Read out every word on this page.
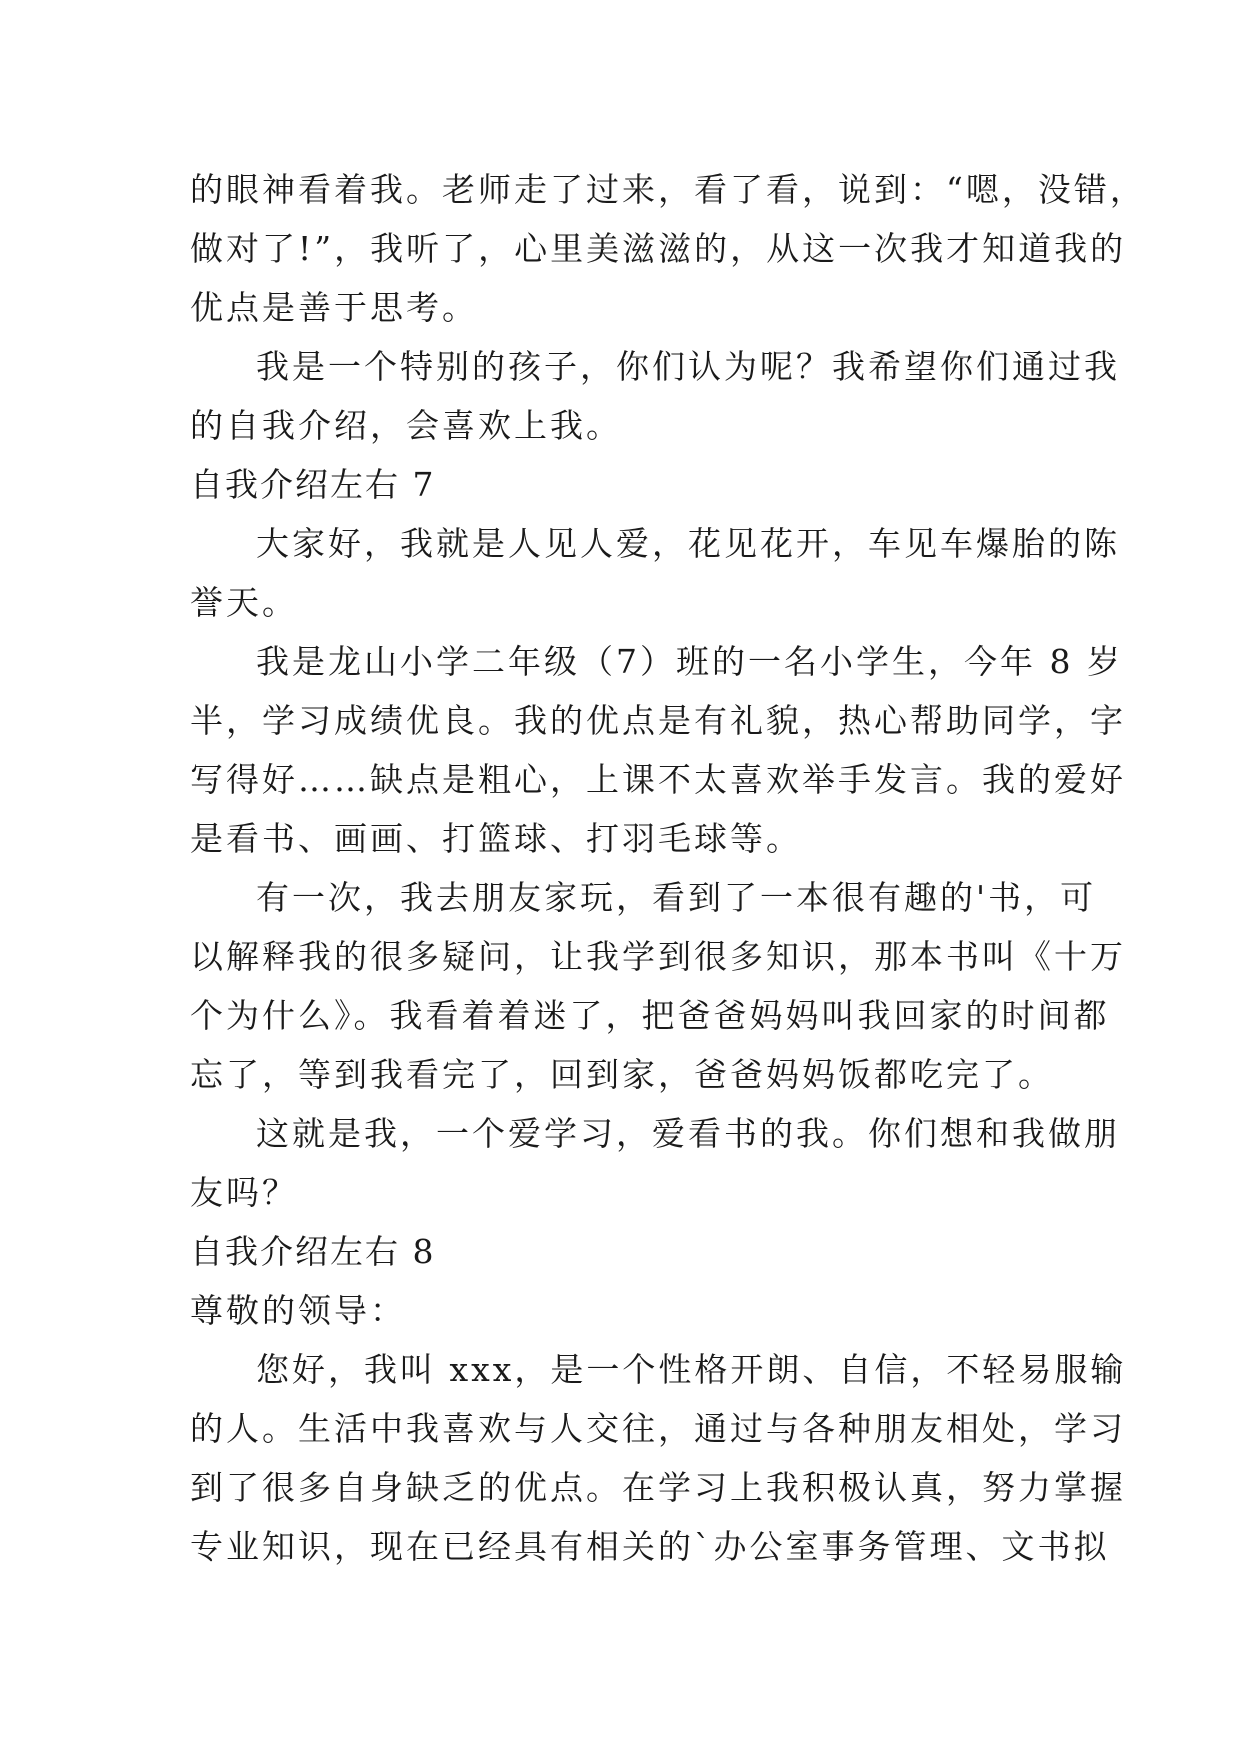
的眼神看着我。老师走了过来，看了看，说到：“嗯，没错，
做对了!”，我听了，心里美滋滋的，从这一次我才知道我的
优点是善于思考。
我是一个特别的孩子，你们认为呢？我希望你们通过我
的自我介绍，会喜欢上我。
自我介绍左右 7
大家好，我就是人见人爱，花见花开，车见车爆胎的陈
誉天。
我是龙山小学二年级（7）班的一名小学生，今年 8 岁
半，学习成绩优良。我的优点是有礼貌，热心帮助同学，字
写得好……缺点是粗心，上课不太喜欢举手发言。我的爱好
是看书、画画、打篮球、打羽毛球等。
有一次，我去朋友家玩，看到了一本很有趣的'书，可
以解释我的很多疑问，让我学到很多知识，那本书叫《十万
个为什么》。我看着着迷了，把爸爸妈妈叫我回家的时间都
忘了，等到我看完了，回到家，爸爸妈妈饭都吃完了。
这就是我，一个爱学习，爱看书的我。你们想和我做朋
友吗？
自我介绍左右 8
尊敬的领导：
您好，我叫 xxx，是一个性格开朗、自信，不轻易服输
的人。生活中我喜欢与人交往，通过与各种朋友相处，学习
到了很多自身缺乏的优点。在学习上我积极认真，努力掌握
专业知识，现在已经具有相关的`办公室事务管理、文书拟
